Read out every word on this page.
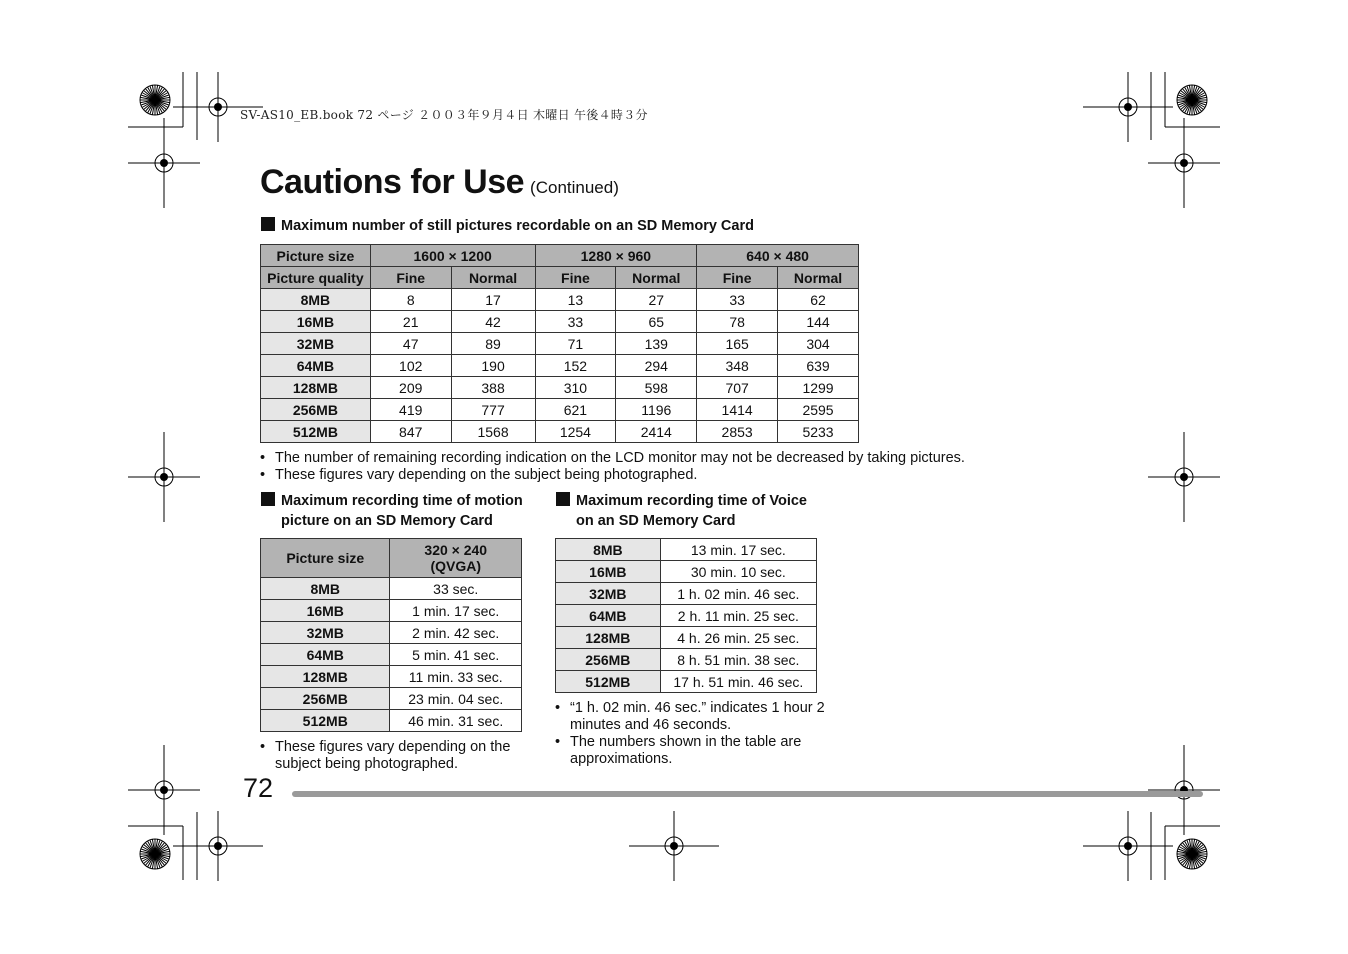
SV-AS10_EB.book 72 ページ ２００３年９月４日 木曜日 午後４時３分
Cautions for Use (Continued)
Maximum number of still pictures recordable on an SD Memory Card
Picture size	1600 × 1200		1280 × 960		640 × 480	
Picture quality	Fine	Normal	Fine	Normal	Fine	Normal
8MB	8	17	13	27	33	62
16MB	21	42	33	65	78	144
32MB	47	89	71	139	165	304
64MB	102	190	152	294	348	639
128MB	209	388	310	598	707	1299
256MB	419	777	621	1196	1414	2595
512MB	847	1568	1254	2414	2853	5233
• The number of remaining recording indication on the LCD monitor may not be decreased by taking pictures.
• These figures vary depending on the subject being photographed.
Maximum recording time of motion
picture on an SD Memory Card
Picture size	320 × 240
(QVGA)
8MB	33 sec.
16MB	1 min. 17 sec.
32MB	2 min. 42 sec.
64MB	5 min. 41 sec.
128MB	11 min. 33 sec.
256MB	23 min. 04 sec.
512MB	46 min. 31 sec.
• These figures vary depending on the subject being photographed.
Maximum recording time of Voice
on an SD Memory Card
8MB	13 min. 17 sec.
16MB	30 min. 10 sec.
32MB	1 h. 02 min. 46 sec.
64MB	2 h. 11 min. 25 sec.
128MB	4 h. 26 min. 25 sec.
256MB	8 h. 51 min. 38 sec.
512MB	17 h. 51 min. 46 sec.
• “1 h. 02 min. 46 sec.” indicates 1 hour 2 minutes and 46 seconds.
• The numbers shown in the table are approximations.
72
